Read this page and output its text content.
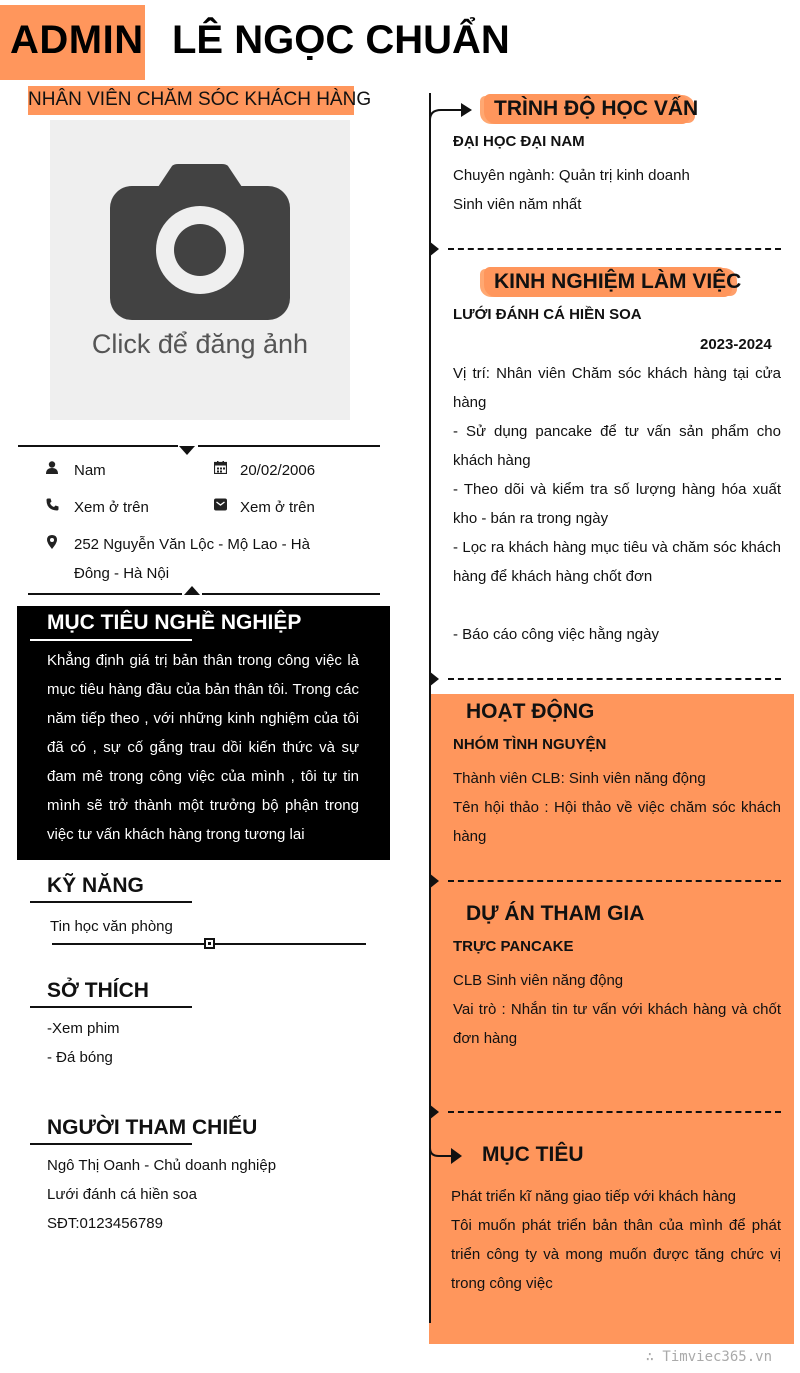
ADMIN LÊ NGỌC CHUẨN
NHÂN VIÊN CHĂM SÓC KHÁCH HÀNG
Click để đăng ảnh
Nam	20/02/2006
Xem ở trên	Xem ở trên
252 Nguyễn Văn Lộc - Mộ Lao - Hà Đông - Hà Nội
MỤC TIÊU NGHỀ NGHIỆP
Khẳng định giá trị bản thân trong công việc là mục tiêu hàng đầu của bản thân tôi. Trong các năm tiếp theo , với những kinh nghiệm của tôi đã có , sự cố gắng trau dồi kiến thức và sự đam mê trong công việc của mình , tôi tự tin mình sẽ trở thành một trưởng bộ phận trong việc tư vấn khách hàng trong tương lai
KỸ NĂNG
Tin học văn phòng
SỞ THÍCH
-Xem phim
- Đá bóng
NGƯỜI THAM CHIẾU
Ngô Thị Oanh - Chủ doanh nghiệp
Lưới đánh cá hiền soa
SĐT:0123456789
TRÌNH ĐỘ HỌC VẤN
ĐẠI HỌC ĐẠI NAM
Chuyên ngành: Quản trị kinh doanh
Sinh viên năm nhất
KINH NGHIỆM LÀM VIỆC
LƯỚI ĐÁNH CÁ HIỀN SOA
2023-2024
Vị trí: Nhân viên Chăm sóc khách hàng tại cửa hàng
- Sử dụng pancake để tư vấn sản phẩm cho khách hàng
- Theo dõi và kiểm tra số lượng hàng hóa xuất kho - bán ra trong ngày
- Lọc ra khách hàng mục tiêu và chăm sóc khách hàng để khách hàng chốt đơn
- Báo cáo công việc hằng ngày
HOẠT ĐỘNG
NHÓM TÌNH NGUYỆN
Thành viên CLB: Sinh viên năng động
Tên hội thảo : Hội thảo về việc chăm sóc khách hàng
DỰ ÁN THAM GIA
TRỰC PANCAKE
CLB Sinh viên năng động
Vai trò : Nhắn tin tư vấn với khách hàng và chốt đơn hàng
MỤC TIÊU
Phát triển kĩ năng giao tiếp với khách hàng
Tôi muốn phát triển bản thân của mình để phát triển công ty và mong muốn được tăng chức vị trong công việc
∴ Timviec365.vn
